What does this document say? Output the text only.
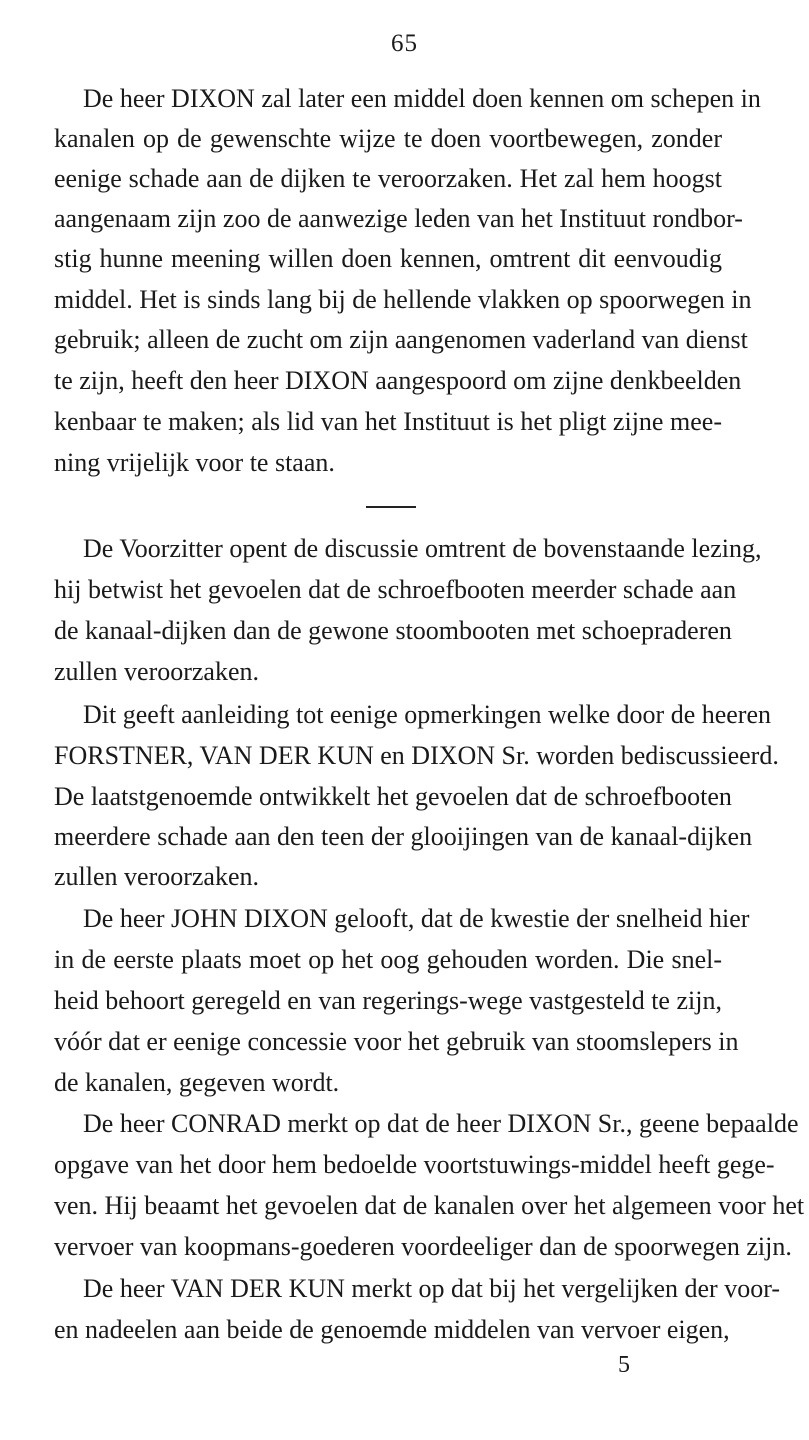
65
De heer DIXON zal later een middel doen kennen om schepen in
kanalen op de gewenschte wijze te doen voortbewegen, zonder
eenige schade aan de dijken te veroorzaken. Het zal hem hoogst
aangenaam zijn zoo de aanwezige leden van het Instituut rondbor-
stig hunne meening willen doen kennen, omtrent dit eenvoudig
middel. Het is sinds lang bij de hellende vlakken op spoorwegen in
gebruik; alleen de zucht om zijn aangenomen vaderland van dienst
te zijn, heeft den heer DIXON aangespoord om zijne denkbeelden
kenbaar te maken; als lid van het Instituut is het pligt zijne mee-
ning vrijelijk voor te staan.
De Voorzitter opent de discussie omtrent de bovenstaande lezing,
hij betwist het gevoelen dat de schroefbooten meerder schade aan
de kanaal-dijken dan de gewone stoombooten met schoepraderen
zullen veroorzaken.
Dit geeft aanleiding tot eenige opmerkingen welke door de heeren
FORSTNER, VAN DER KUN en DIXON Sr. worden bediscussieerd.
De laatstgenoemde ontwikkelt het gevoelen dat de schroefbooten
meerdere schade aan den teen der glooijingen van de kanaal-dijken
zullen veroorzaken.
De heer JOHN DIXON gelooft, dat de kwestie der snelheid hier
in de eerste plaats moet op het oog gehouden worden. Die snel-
heid behoort geregeld en van regerings-wege vastgesteld te zijn,
vóór dat er eenige concessie voor het gebruik van stoomslepers in
de kanalen, gegeven wordt.
De heer CONRAD merkt op dat de heer DIXON Sr., geene bepaalde
opgave van het door hem bedoelde voortstuwings-middel heeft gege-
ven. Hij beaamt het gevoelen dat de kanalen over het algemeen voor het
vervoer van koopmans-goederen voordeeliger dan de spoorwegen zijn.
De heer VAN DER KUN merkt op dat bij het vergelijken der voor-
en nadeelen aan beide de genoemde middelen van vervoer eigen,
5
